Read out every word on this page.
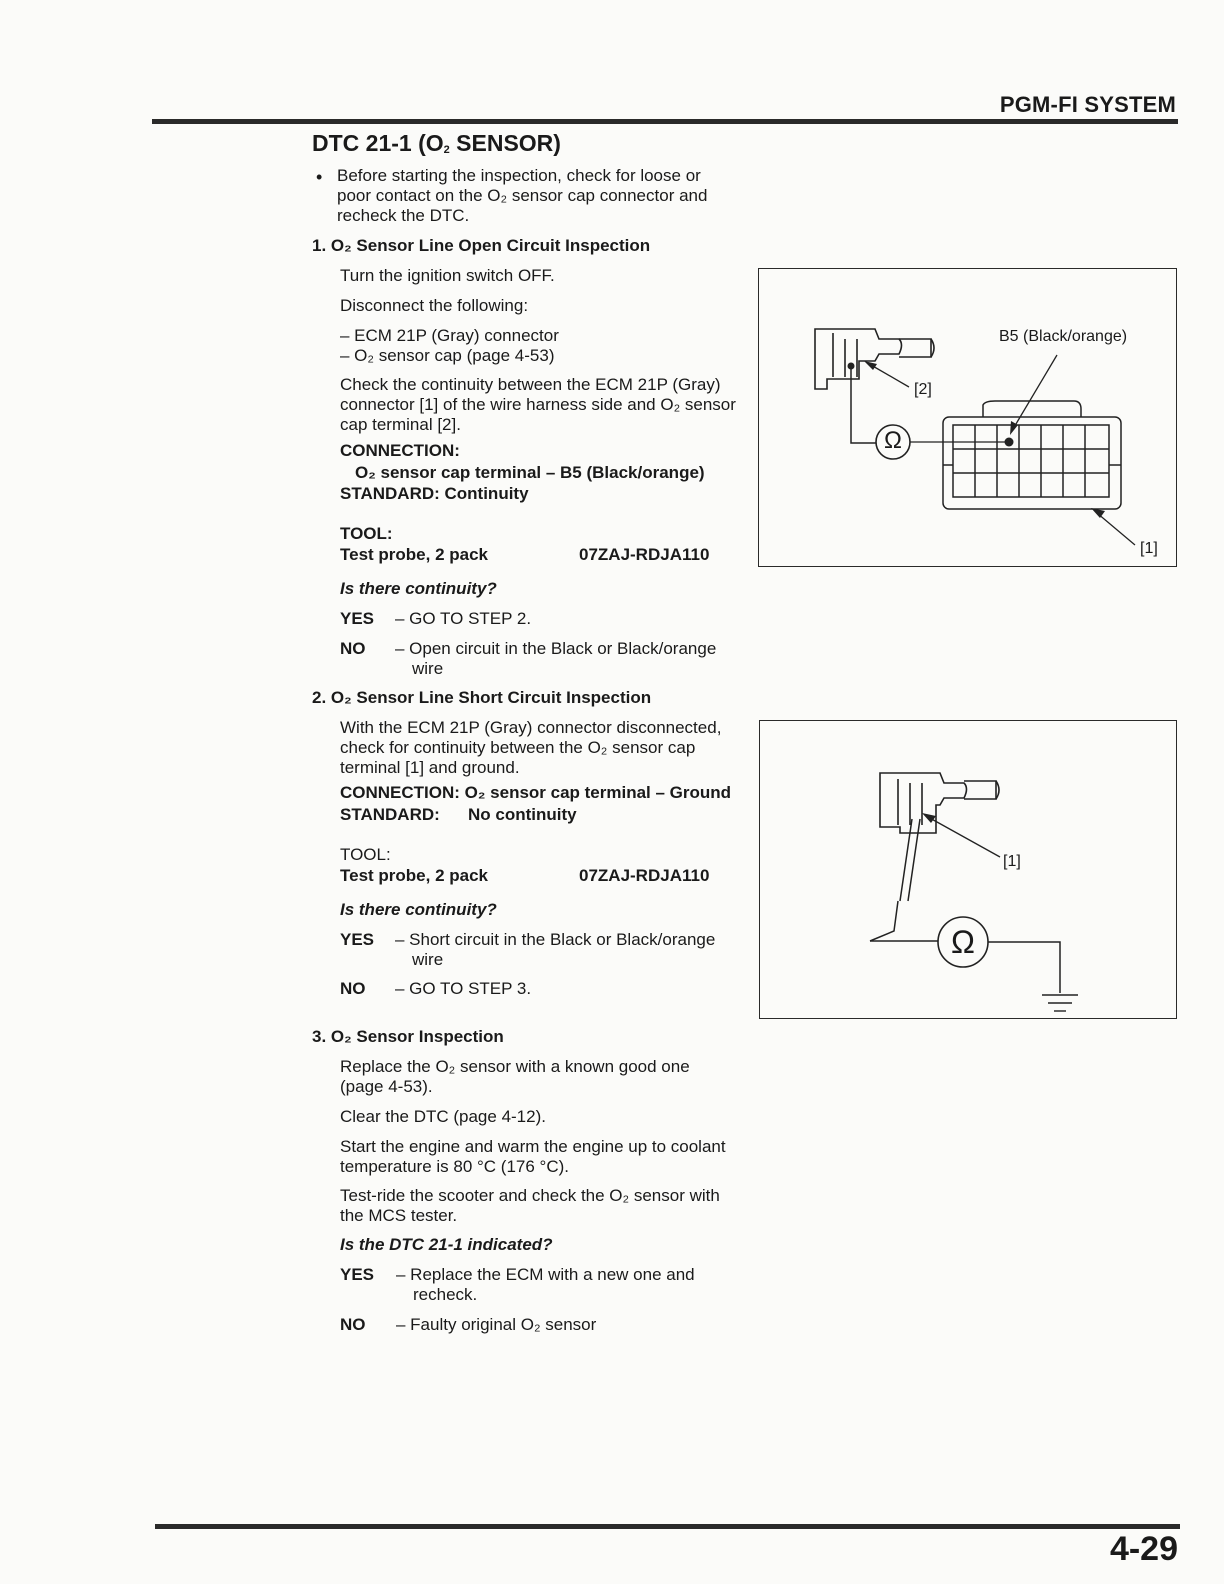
PGM-FI SYSTEM
DTC 21-1 ($O_2$ SENSOR)
• Before starting the inspection, check for loose or
poor contact on the O₂ sensor cap connector and
recheck the DTC.
1. O₂ Sensor Line Open Circuit Inspection
Turn the ignition switch OFF.
Disconnect the following:
– ECM 21P (Gray) connector
– O₂ sensor cap (page 4-53)
Check the continuity between the ECM 21P (Gray)
connector [1] of the wire harness side and O₂ sensor
cap terminal [2].
CONNECTION:
O₂ sensor cap terminal – B5 (Black/orange)
STANDARD: Continuity
TOOL:
Test probe, 2 pack	07ZAJ-RDJA110
Is there continuity?
YES – GO TO STEP 2.
NO – Open circuit in the Black or Black/orange
wire
2. O₂ Sensor Line Short Circuit Inspection
With the ECM 21P (Gray) connector disconnected,
check for continuity between the O₂ sensor cap
terminal [1] and ground.
CONNECTION: O₂ sensor cap terminal – Ground
STANDARD: No continuity
TOOL:
Test probe, 2 pack	07ZAJ-RDJA110
Is there continuity?
YES – Short circuit in the Black or Black/orange
wire
NO – GO TO STEP 3.
3. O₂ Sensor Inspection
Replace the O₂ sensor with a known good one
(page 4-53).
Clear the DTC (page 4-12).
Start the engine and warm the engine up to coolant
temperature is 80 °C (176 °C).
Test-ride the scooter and check the O₂ sensor with
the MCS tester.
Is the DTC 21-1 indicated?
YES – Replace the ECM with a new one and
recheck.
NO – Faulty original O₂ sensor
B5 (Black/orange)
[2]
[1]
Ω
[1]
Ω
4-29
